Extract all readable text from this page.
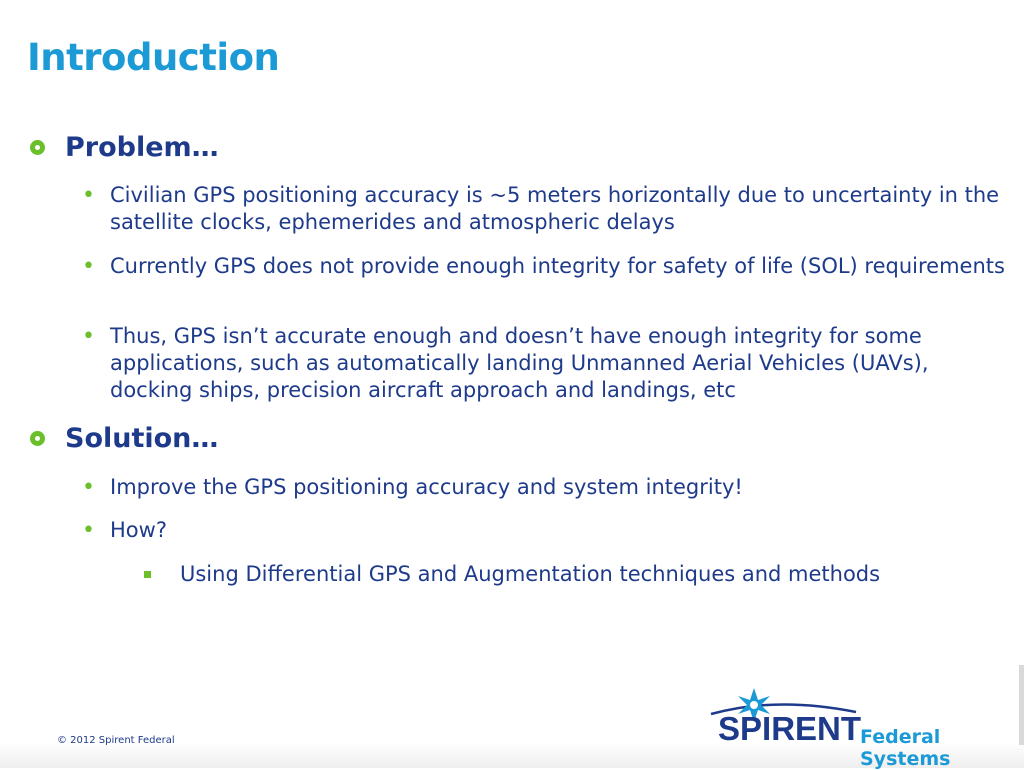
Introduction
Problem…
• Civilian GPS positioning accuracy is ~5 meters horizontally due to uncertainty in the satellite clocks, ephemerides and atmospheric delays
• Currently GPS does not provide enough integrity for safety of life (SOL) requirements
• Thus, GPS isn’t accurate enough and doesn’t have enough integrity for some applications, such as automatically landing Unmanned Aerial Vehicles (UAVs), docking ships, precision aircraft approach and landings, etc
Solution…
• Improve the GPS positioning accuracy and system integrity!
• How?
Using Differential GPS and Augmentation techniques and methods
© 2012 Spirent Federal	SPIRENT
Federal Systems
